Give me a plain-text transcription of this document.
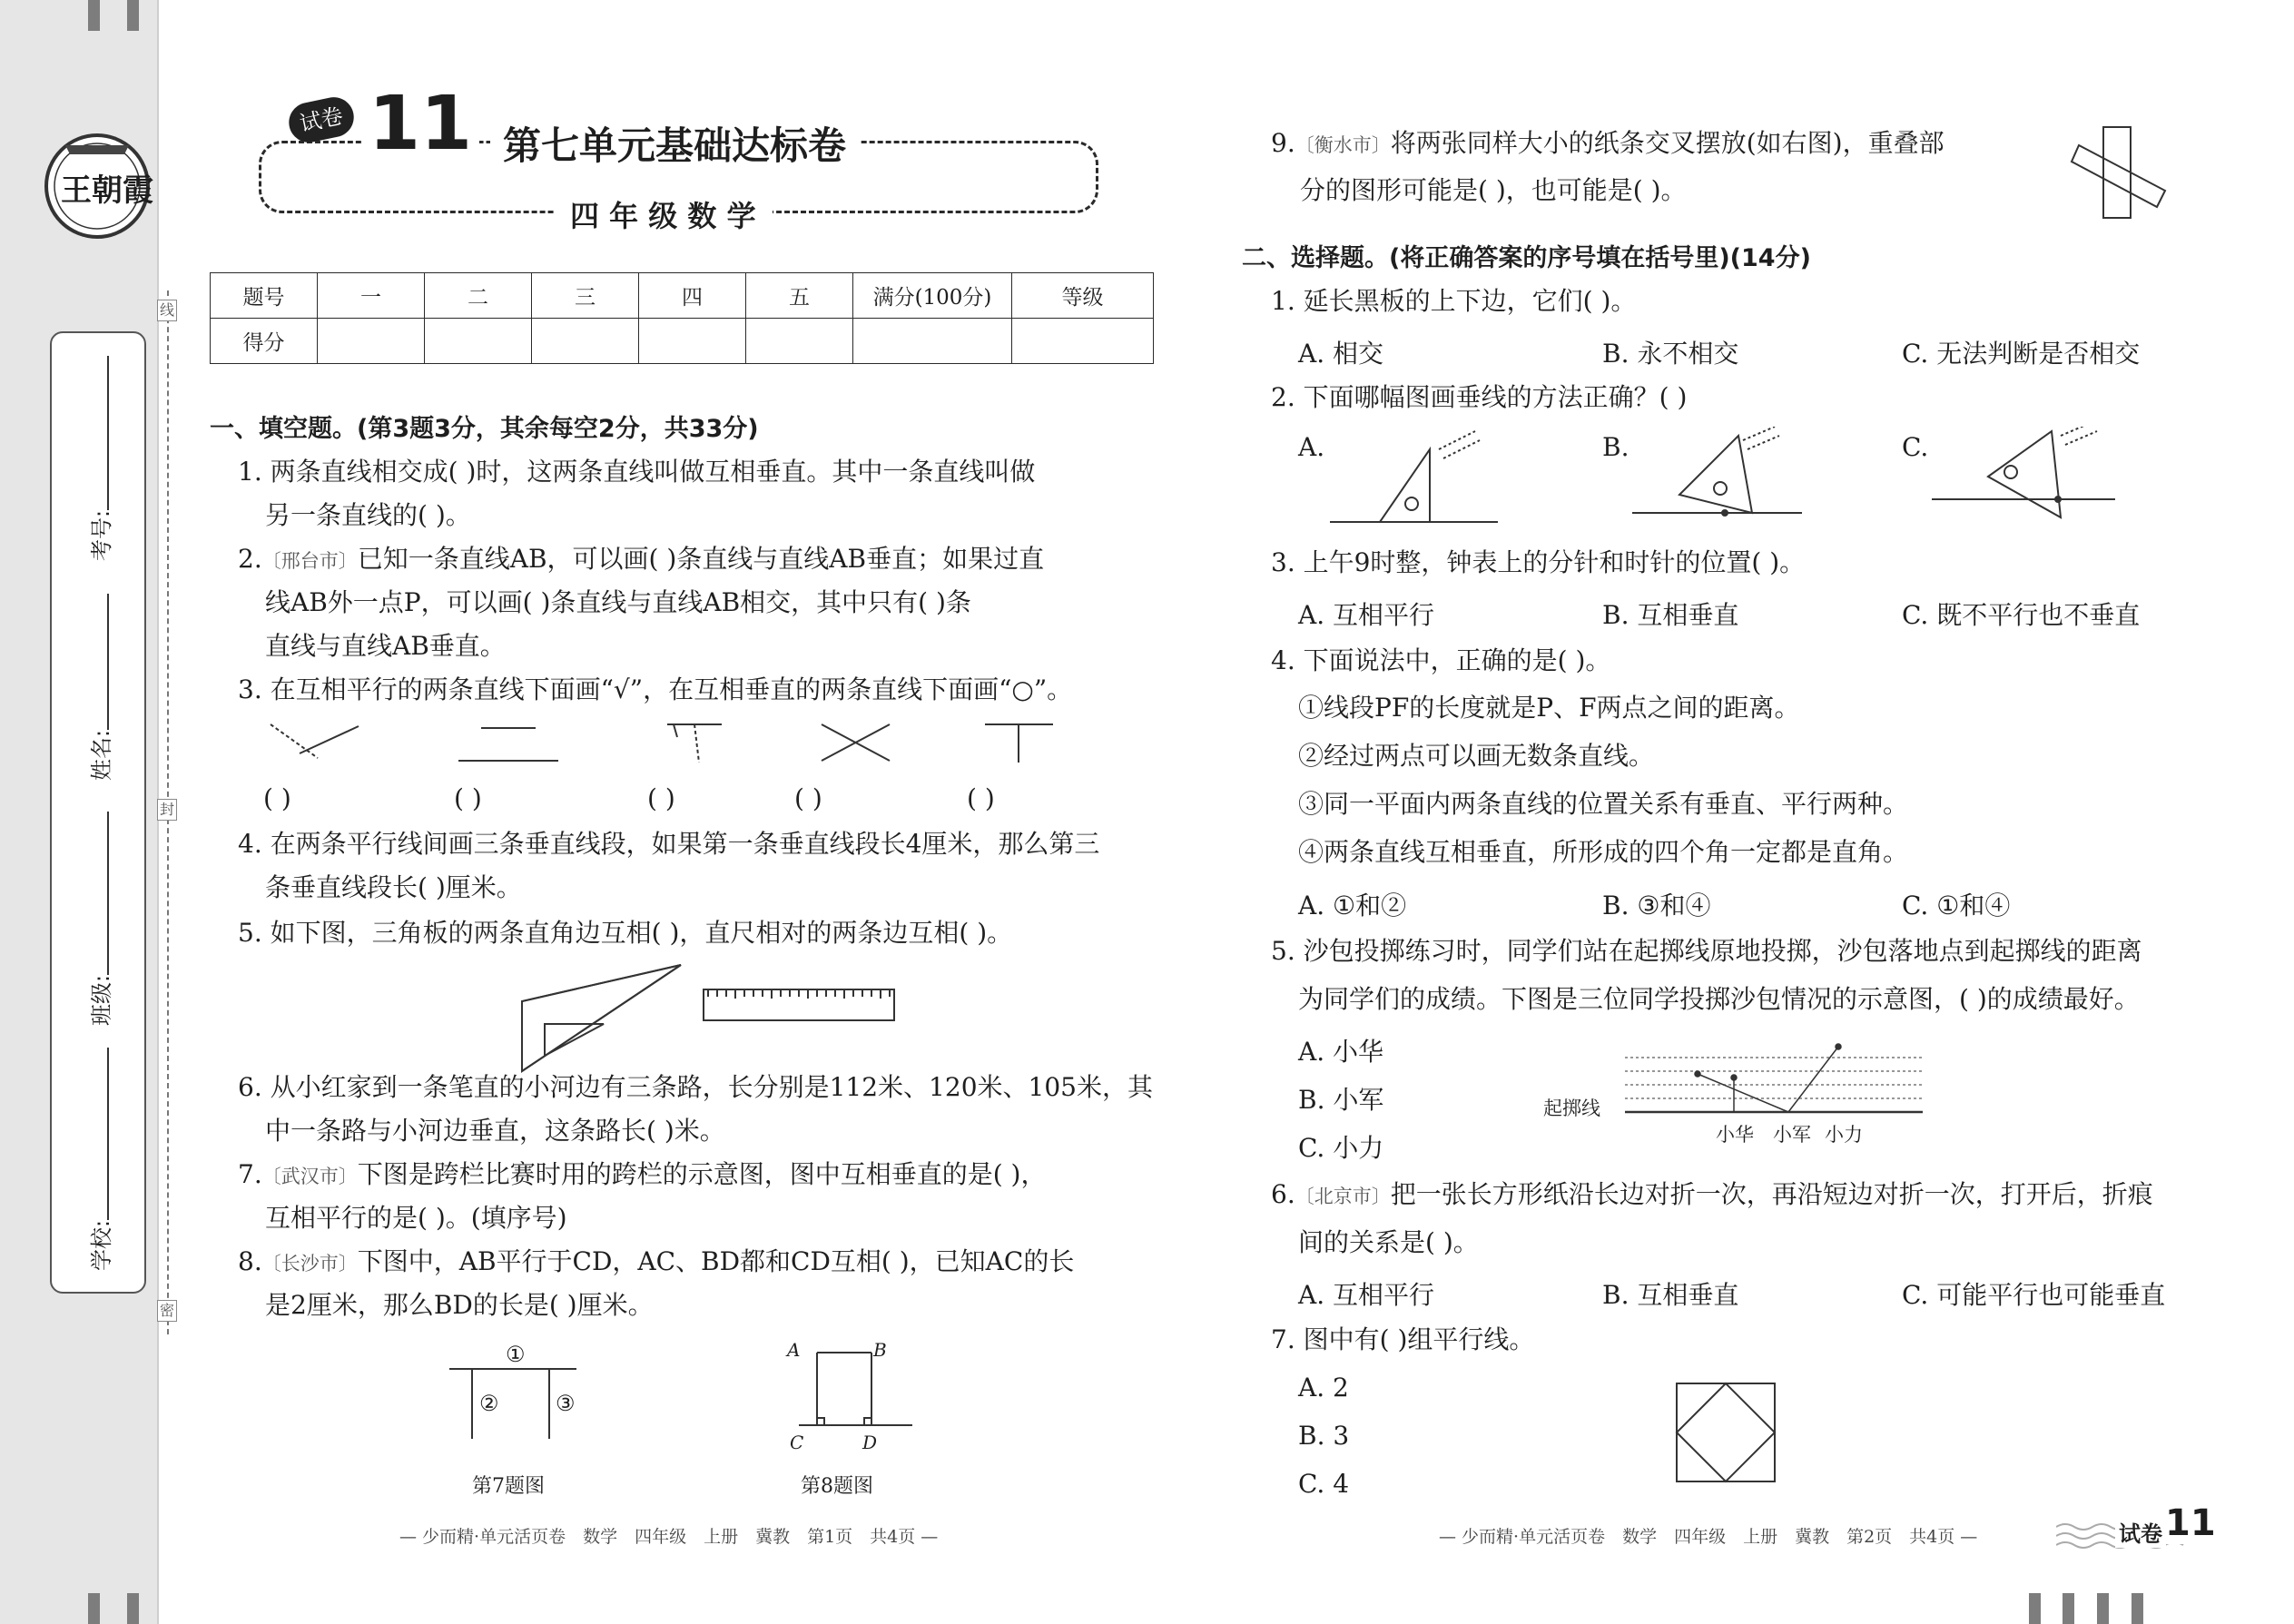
王朝霞
考号:
姓名:
班级:
学校:
线
封
密
试卷 11 第七单元基础达标卷
四 年 级 数 学
题号	一	二	三	四	五	满分(100分)	等级
得分							
一、填空题。(第3题3分，其余每空2分，共33分)
1. 两条直线相交成( )时，这两条直线叫做互相垂直。其中一条直线叫做
另一条直线的( )。
2.〔邢台市〕已知一条直线AB，可以画( )条直线与直线AB垂直；如果过直
线AB外一点P，可以画( )条直线与直线AB相交，其中只有( )条
直线与直线AB垂直。
3. 在互相平行的两条直线下面画“√”，在互相垂直的两条直线下面画“○”。
( )	( )	( )	( )	( )
4. 在两条平行线间画三条垂直线段，如果第一条垂直线段长4厘米，那么第三
条垂直线段长( )厘米。
5. 如下图，三角板的两条直角边互相( )，直尺相对的两条边互相( )。
6. 从小红家到一条笔直的小河边有三条路，长分别是112米、120米、105米，其
中一条路与小河边垂直，这条路长( )米。
7.〔武汉市〕下图是跨栏比赛时用的跨栏的示意图，图中互相垂直的是( )，
互相平行的是( )。(填序号)
8.〔长沙市〕下图中，AB平行于CD，AC、BD都和CD互相( )，已知AC的长
是2厘米，那么BD的长是( )厘米。
①
②	③
第7题图
A	B
C	D
第8题图
— 少而精·单元活页卷　数学　四年级　上册　冀教　第1页　共4页 —
9.〔衡水市〕将两张同样大小的纸条交叉摆放(如右图)，重叠部
分的图形可能是( )，也可能是( )。
二、选择题。(将正确答案的序号填在括号里)(14分)
1. 延长黑板的上下边，它们( )。
A. 相交	B. 永不相交	C. 无法判断是否相交
2. 下面哪幅图画垂线的方法正确？( )
A.	B.	C.
3. 上午9时整，钟表上的分针和时针的位置( )。
A. 互相平行	B. 互相垂直	C. 既不平行也不垂直
4. 下面说法中，正确的是( )。
①线段PF的长度就是P、F两点之间的距离。
②经过两点可以画无数条直线。
③同一平面内两条直线的位置关系有垂直、平行两种。
④两条直线互相垂直，所形成的四个角一定都是直角。
A. ①和②	B. ③和④	C. ①和④
5. 沙包投掷练习时，同学们站在起掷线原地投掷，沙包落地点到起掷线的距离
为同学们的成绩。下图是三位同学投掷沙包情况的示意图，( )的成绩最好。
A. 小华
B. 小军
C. 小力
起掷线
小华 小军 小力
6.〔北京市〕把一张长方形纸沿长边对折一次，再沿短边对折一次，打开后，折痕
间的关系是( )。
A. 互相平行	B. 互相垂直	C. 可能平行也可能垂直
7. 图中有( )组平行线。
A. 2
B. 3
C. 4
— 少而精·单元活页卷　数学　四年级　上册　冀教　第2页　共4页 —	试卷 11
